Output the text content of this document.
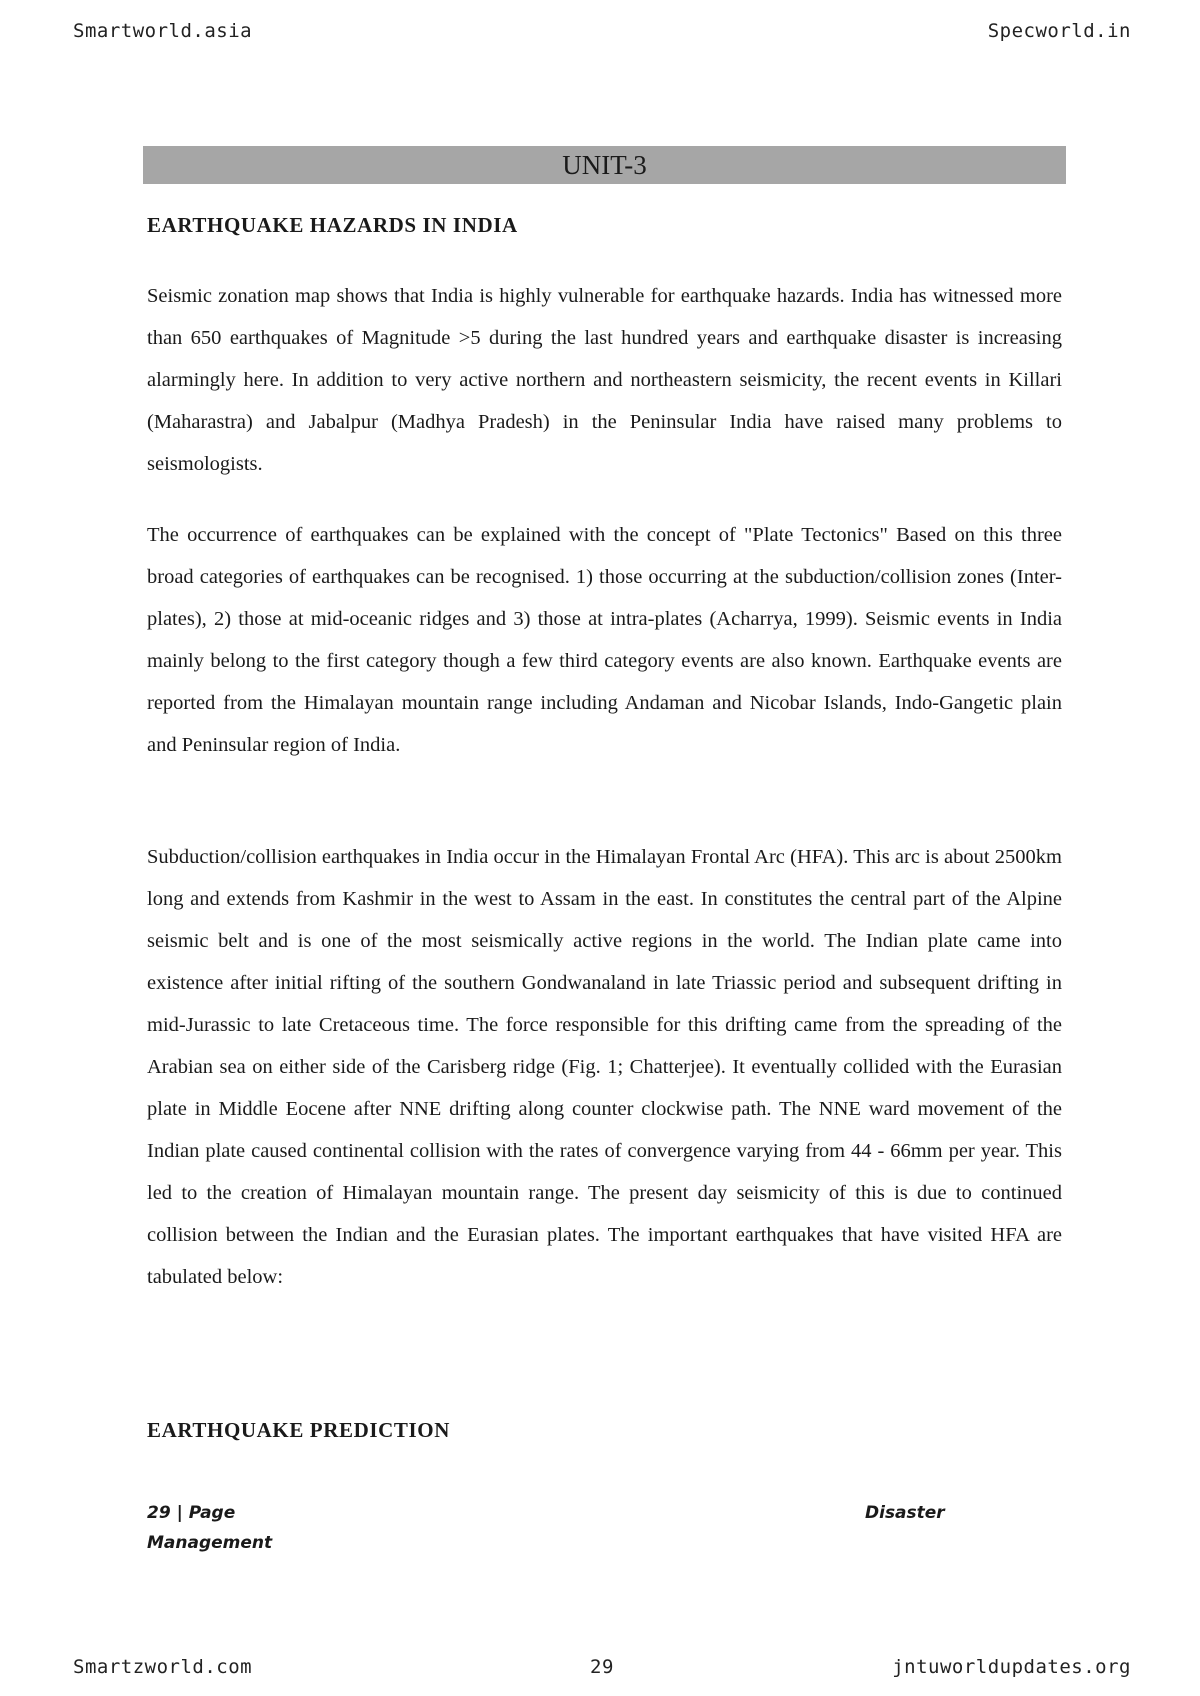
Smartworld.asia	Specworld.in
UNIT-3
EARTHQUAKE HAZARDS IN INDIA

Seismic zonation map shows that India is highly vulnerable for earthquake hazards. India has witnessed more than 650 earthquakes of Magnitude >5 during the last hundred years and earthquake disaster is increasing alarmingly here. In addition to very active northern and northeastern seismicity, the recent events in Killari (Maharastra) and Jabalpur (Madhya Pradesh) in the Peninsular India have raised many problems to seismologists.

The occurrence of earthquakes can be explained with the concept of "Plate Tectonics" Based on this three broad categories of earthquakes can be recognised. 1) those occurring at the subduction/collision zones (Inter-plates), 2) those at mid-oceanic ridges and 3) those at intra-plates (Acharrya, 1999). Seismic events in India mainly belong to the first category though a few third category events are also known. Earthquake events are reported from the Himalayan mountain range including Andaman and Nicobar Islands, Indo-Gangetic plain and Peninsular region of India.

Subduction/collision earthquakes in India occur in the Himalayan Frontal Arc (HFA). This arc is about 2500km long and extends from Kashmir in the west to Assam in the east. In constitutes the central part of the Alpine seismic belt and is one of the most seismically active regions in the world. The Indian plate came into existence after initial rifting of the southern Gondwanaland in late Triassic period and subsequent drifting in mid-Jurassic to late Cretaceous time. The force responsible for this drifting came from the spreading of the Arabian sea on either side of the Carisberg ridge (Fig. 1; Chatterjee). It eventually collided with the Eurasian plate in Middle Eocene after NNE drifting along counter clockwise path. The NNE ward movement of the Indian plate caused continental collision with the rates of convergence varying from 44 - 66mm per year. This led to the creation of Himalayan mountain range. The present day seismicity of this is due to continued collision between the Indian and the Eurasian plates. The important earthquakes that have visited HFA are tabulated below:

EARTHQUAKE PREDICTION
29 | Page	Disaster
Management
Smartzworld.com	29	jntuworldupdates.org
